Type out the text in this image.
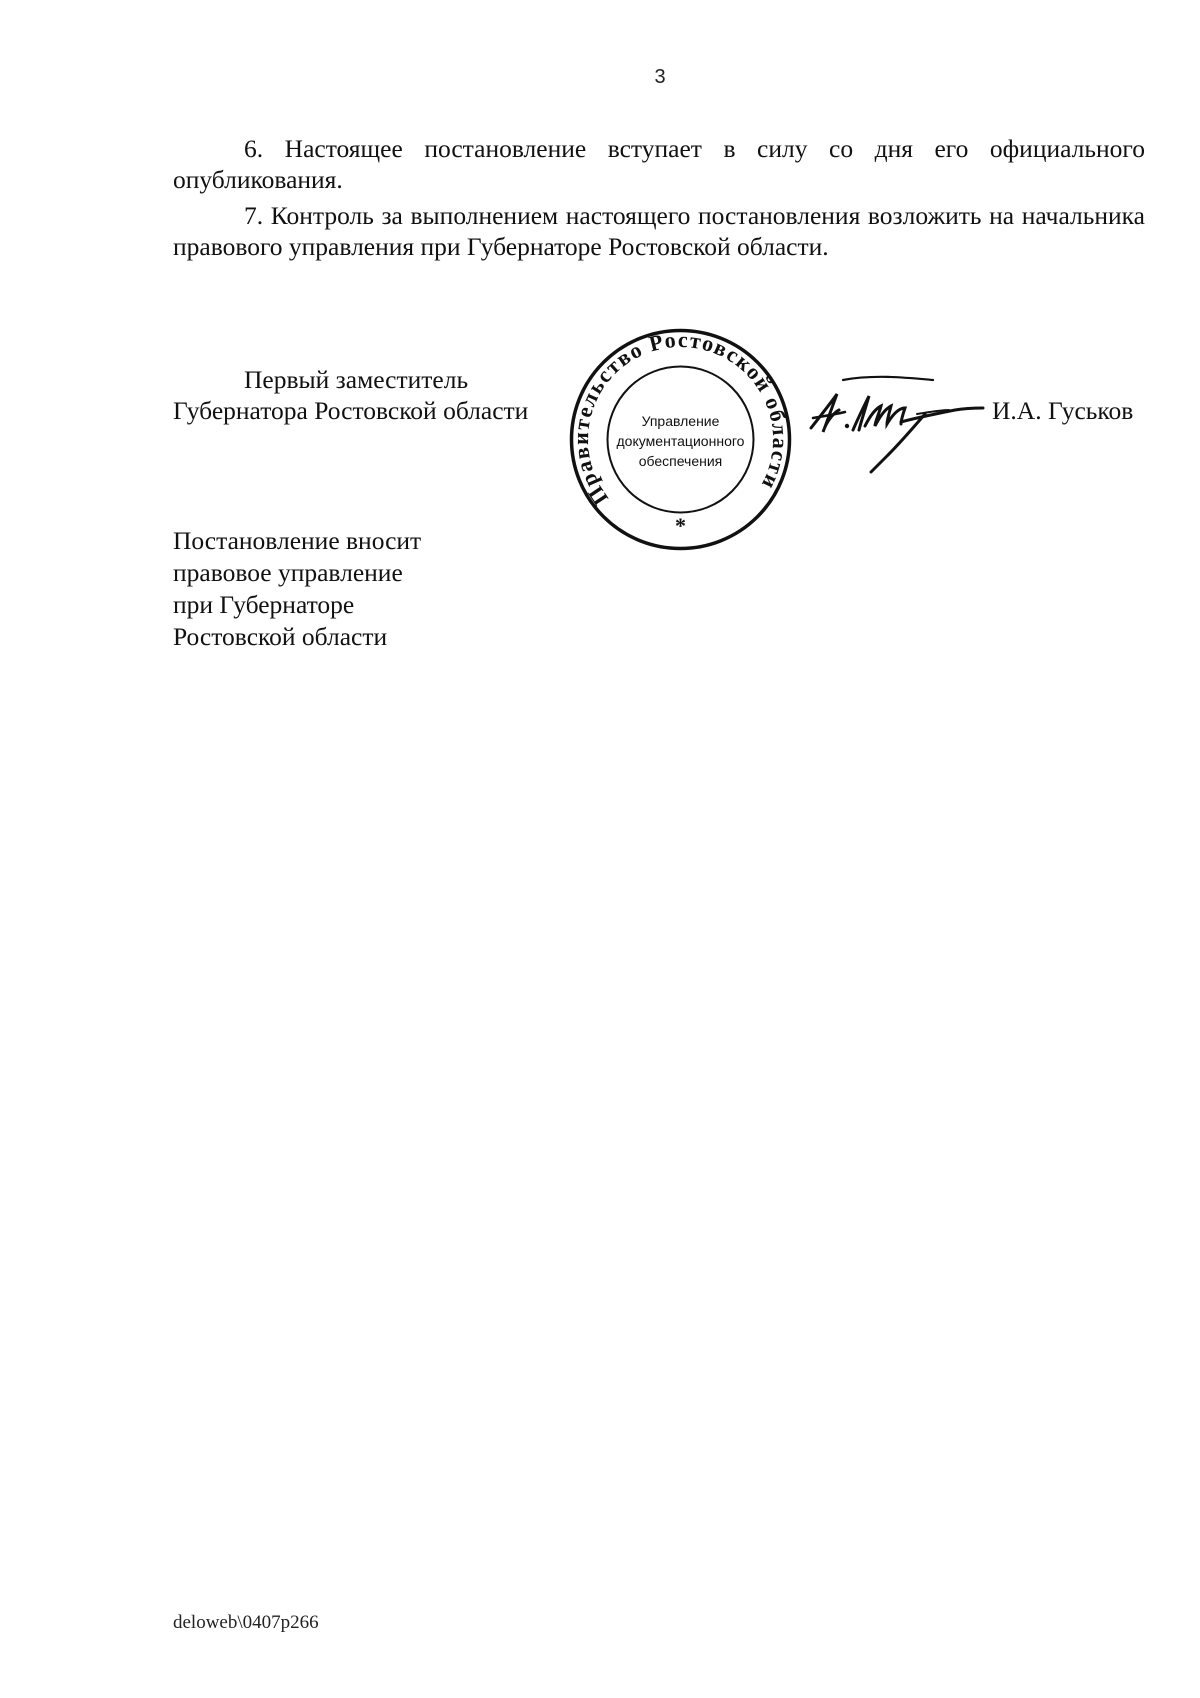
3

6. Настоящее постановление вступает в силу со дня его официального опубликования.

7. Контроль за выполнением настоящего постановления возложить на начальника правового управления при Губернаторе Ростовской области.

Первый заместитель
Губернатора Ростовской области
Правительство Ростовской области
Управление
документационного
обеспечения
*
И.А. Гуськов
Постановление вносит
правовое управление
при Губернаторе
Ростовской области
deloweb\0407p266
